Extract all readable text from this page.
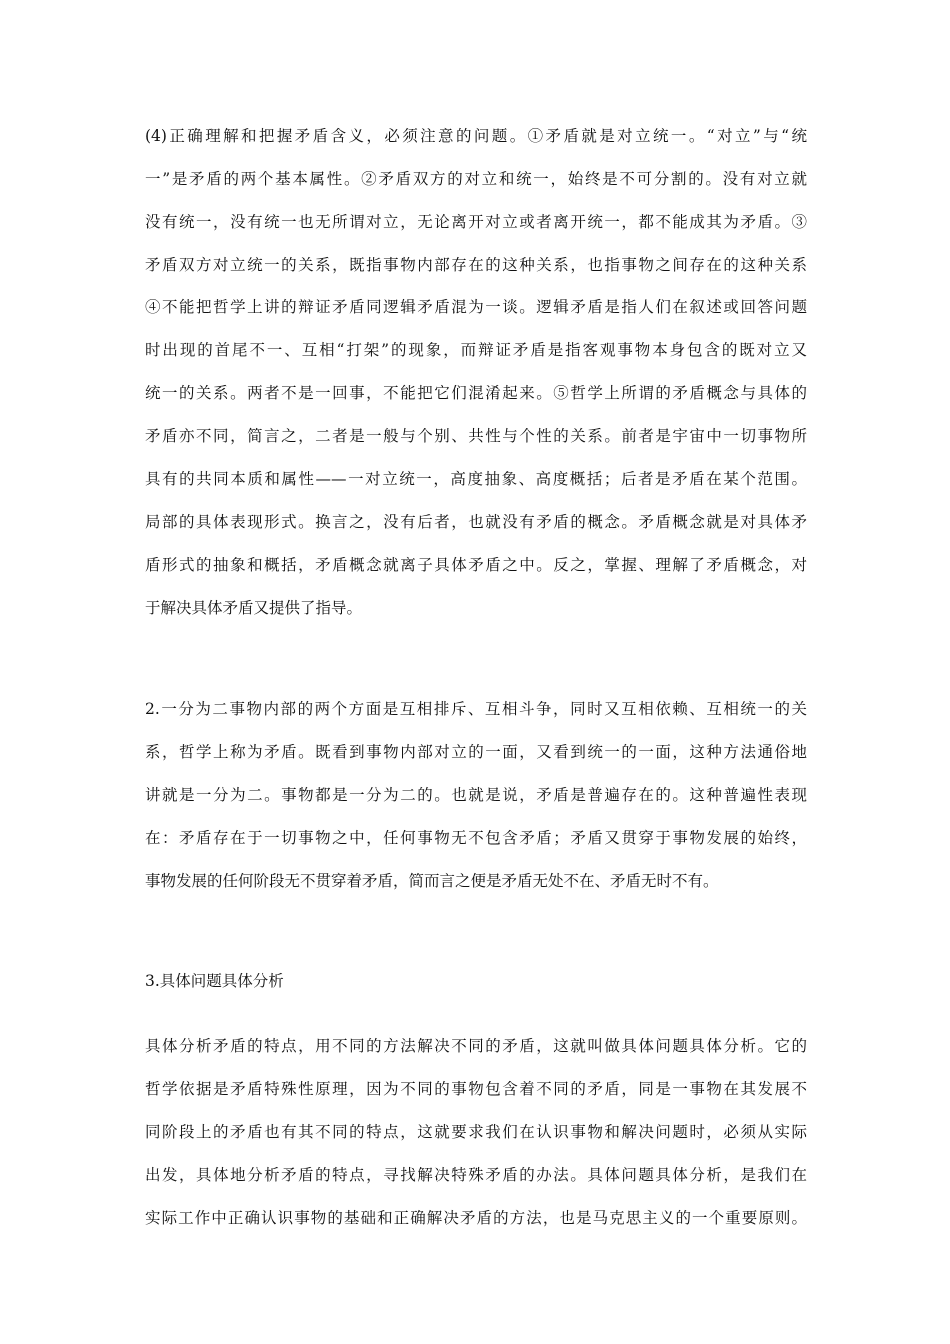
(4)正确理解和把握矛盾含义，必须注意的问题。①矛盾就是对立统一。“对立”与“统
一”是矛盾的两个基本属性。②矛盾双方的对立和统一，始终是不可分割的。没有对立就
没有统一，没有统一也无所谓对立，无论离开对立或者离开统一，都不能成其为矛盾。③
矛盾双方对立统一的关系，既指事物内部存在的这种关系，也指事物之间存在的这种关系
④不能把哲学上讲的辩证矛盾同逻辑矛盾混为一谈。逻辑矛盾是指人们在叙述或回答问题
时出现的首尾不一、互相“打架”的现象，而辩证矛盾是指客观事物本身包含的既对立又
统一的关系。两者不是一回事，不能把它们混淆起来。⑤哲学上所谓的矛盾概念与具体的
矛盾亦不同，简言之，二者是一般与个别、共性与个性的关系。前者是宇宙中一切事物所
具有的共同本质和属性——一对立统一，高度抽象、高度概括；后者是矛盾在某个范围。
局部的具体表现形式。换言之，没有后者，也就没有矛盾的概念。矛盾概念就是对具体矛
盾形式的抽象和概括，矛盾概念就离子具体矛盾之中。反之，掌握、理解了矛盾概念，对
于解决具体矛盾又提供了指导。
2.一分为二事物内部的两个方面是互相排斥、互相斗争，同时又互相依赖、互相统一的关
系，哲学上称为矛盾。既看到事物内部对立的一面，又看到统一的一面，这种方法通俗地
讲就是一分为二。事物都是一分为二的。也就是说，矛盾是普遍存在的。这种普遍性表现
在：矛盾存在于一切事物之中，任何事物无不包含矛盾；矛盾又贯穿于事物发展的始终，
事物发展的任何阶段无不贯穿着矛盾，简而言之便是矛盾无处不在、矛盾无时不有。
3.具体问题具体分析
具体分析矛盾的特点，用不同的方法解决不同的矛盾，这就叫做具体问题具体分析。它的
哲学依据是矛盾特殊性原理，因为不同的事物包含着不同的矛盾，同是一事物在其发展不
同阶段上的矛盾也有其不同的特点，这就要求我们在认识事物和解决问题时，必须从实际
出发，具体地分析矛盾的特点，寻找解决特殊矛盾的办法。具体问题具体分析，是我们在
实际工作中正确认识事物的基础和正确解决矛盾的方法，也是马克思主义的一个重要原则。
